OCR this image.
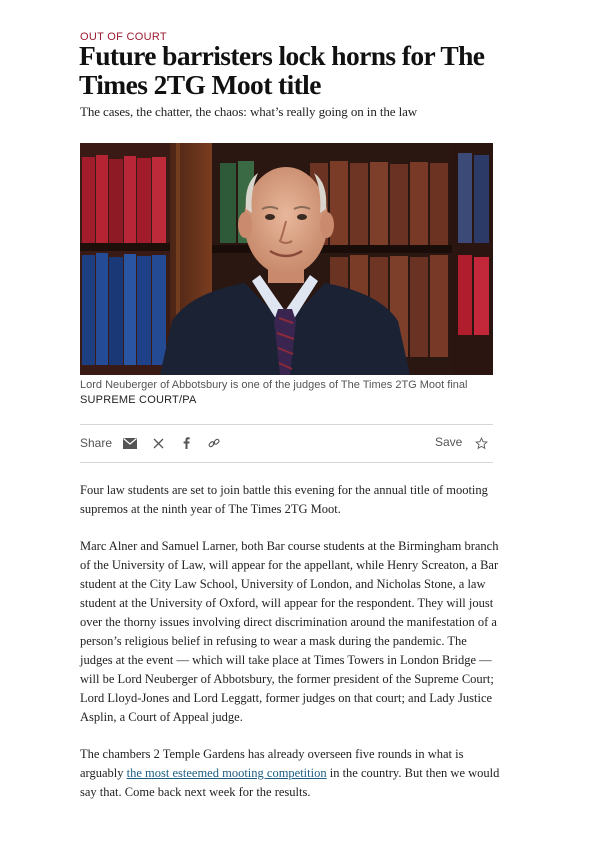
OUT OF COURT
Future barristers lock horns for The Times 2TG Moot title
The cases, the chatter, the chaos: what’s really going on in the law
Lord Neuberger of Abbotsbury is one of the judges of The Times 2TG Moot final
SUPREME COURT/PA
Share	Save

Four law students are set to join battle this evening for the annual title of mooting supremos at the ninth year of The Times 2TG Moot.

Marc Alner and Samuel Larner, both Bar course students at the Birmingham branch of the University of Law, will appear for the appellant, while Henry Screaton, a Bar student at the City Law School, University of London, and Nicholas Stone, a law student at the University of Oxford, will appear for the respondent. They will joust over the thorny issues involving direct discrimination around the manifestation of a person’s religious belief in refusing to wear a mask during the pandemic. The judges at the event — which will take place at Times Towers in London Bridge — will be Lord Neuberger of Abbotsbury, the former president of the Supreme Court; Lord Lloyd-Jones and Lord Leggatt, former judges on that court; and Lady Justice Asplin, a Court of Appeal judge.

The chambers 2 Temple Gardens has already overseen five rounds in what is arguably the most esteemed mooting competition in the country. But then we would say that. Come back next week for the results.
